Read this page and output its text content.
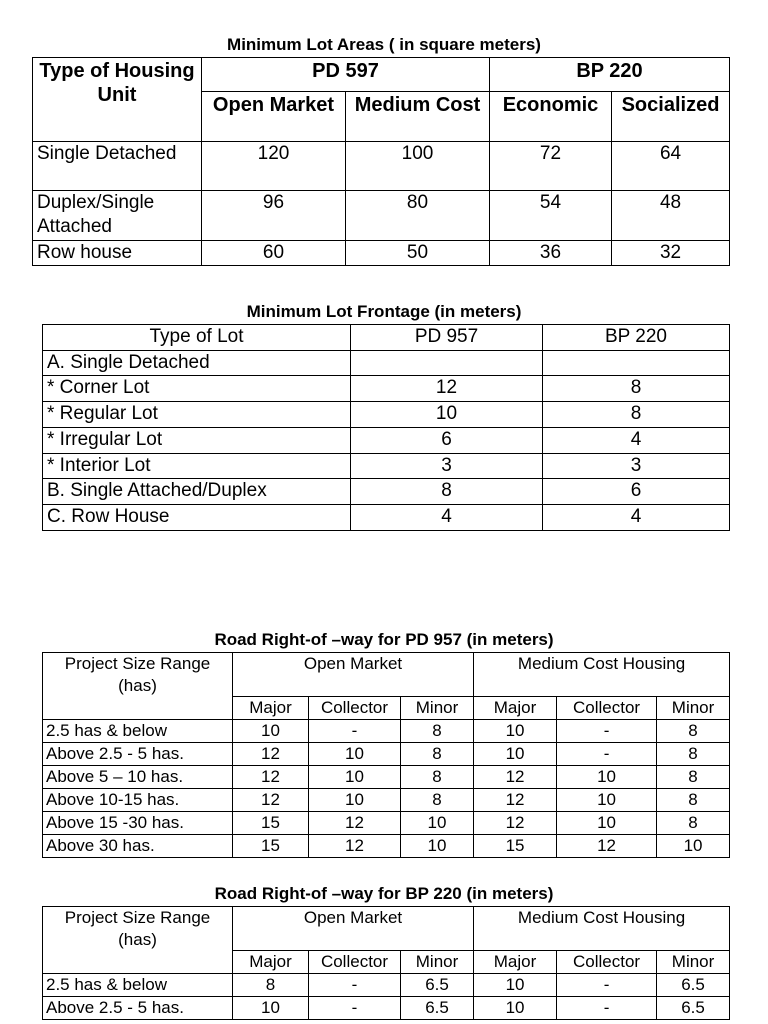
Minimum Lot Areas ( in square meters)
Type of Housing Unit	PD 597		BP 220	
	Open Market	Medium Cost	Economic	Socialized
Single Detached	120	100	72	64
Duplex/Single Attached	96	80	54	48
Row house	60	50	36	32
Minimum Lot Frontage (in meters)
Type of Lot	PD 957	BP 220
A. Single Detached		
* Corner Lot	12	8
* Regular Lot	10	8
* Irregular Lot	6	4
* Interior Lot	3	3
B. Single Attached/Duplex	8	6
C. Row House	4	4
Road Right-of –way for PD 957 (in meters)
Project Size Range (has)	Open Market			Medium Cost Housing		
	Major	Collector	Minor	Major	Collector	Minor
2.5 has & below	10	-	8	10	-	8
Above 2.5 - 5 has.	12	10	8	10	-	8
Above 5 – 10 has.	12	10	8	12	10	8
Above 10-15 has.	12	10	8	12	10	8
Above 15 -30 has.	15	12	10	12	10	8
Above 30 has.	15	12	10	15	12	10
Road Right-of –way for BP 220 (in meters)
Project Size Range (has)	Open Market			Medium Cost Housing		
	Major	Collector	Minor	Major	Collector	Minor
2.5 has & below	8	-	6.5	10	-	6.5
Above 2.5 - 5 has.	10	-	6.5	10	-	6.5
